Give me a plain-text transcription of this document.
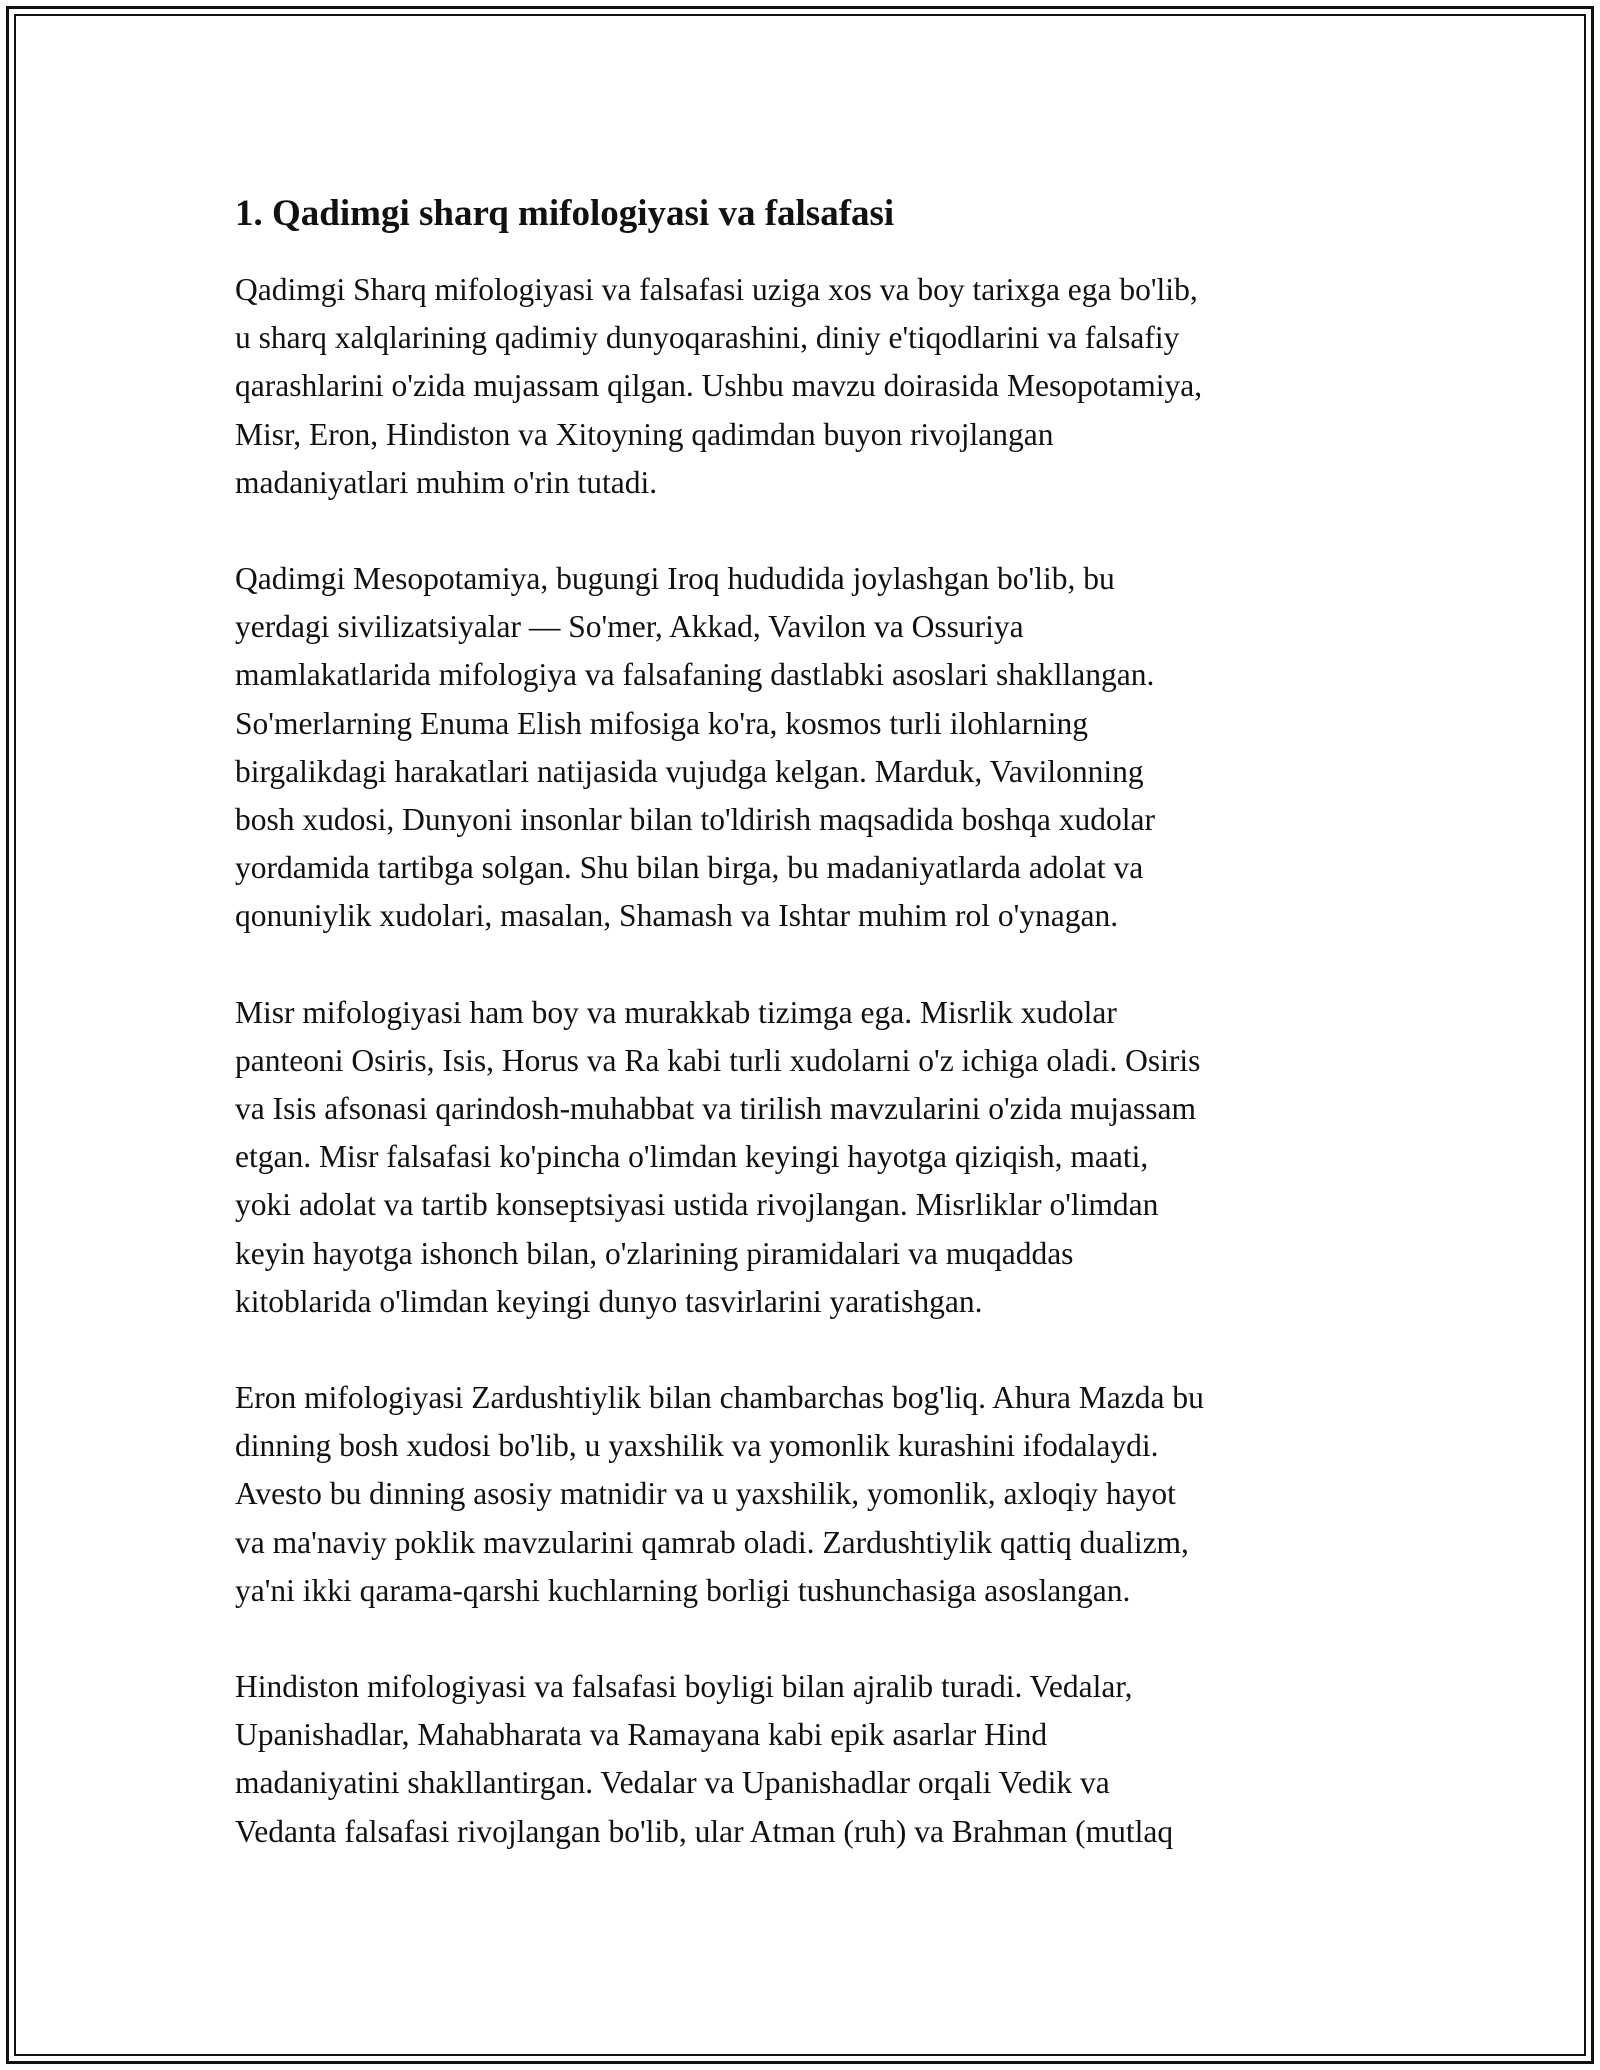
1. Qadimgi sharq mifologiyasi va falsafasi

Qadimgi Sharq mifologiyasi va falsafasi uziga xos va boy tarixga ega bo'lib,
u sharq xalqlarining qadimiy dunyoqarashini, diniy e'tiqodlarini va falsafiy
qarashlarini o'zida mujassam qilgan. Ushbu mavzu doirasida Mesopotamiya,
Misr, Eron, Hindiston va Xitoyning qadimdan buyon rivojlangan
madaniyatlari muhim o'rin tutadi.

Qadimgi Mesopotamiya, bugungi Iroq hududida joylashgan bo'lib, bu
yerdagi sivilizatsiyalar — So'mer, Akkad, Vavilon va Ossuriya
mamlakatlarida mifologiya va falsafaning dastlabki asoslari shakllangan.
So'merlarning Enuma Elish mifosiga ko'ra, kosmos turli ilohlarning
birgalikdagi harakatlari natijasida vujudga kelgan. Marduk, Vavilonning
bosh xudosi, Dunyoni insonlar bilan to'ldirish maqsadida boshqa xudolar
yordamida tartibga solgan. Shu bilan birga, bu madaniyatlarda adolat va
qonuniylik xudolari, masalan, Shamash va Ishtar muhim rol o'ynagan.

Misr mifologiyasi ham boy va murakkab tizimga ega. Misrlik xudolar
panteoni Osiris, Isis, Horus va Ra kabi turli xudolarni o'z ichiga oladi. Osiris
va Isis afsonasi qarindosh-muhabbat va tirilish mavzularini o'zida mujassam
etgan. Misr falsafasi ko'pincha o'limdan keyingi hayotga qiziqish, maati,
yoki adolat va tartib konseptsiyasi ustida rivojlangan. Misrliklar o'limdan
keyin hayotga ishonch bilan, o'zlarining piramidalari va muqaddas
kitoblarida o'limdan keyingi dunyo tasvirlarini yaratishgan.

Eron mifologiyasi Zardushtiylik bilan chambarchas bog'liq. Ahura Mazda bu
dinning bosh xudosi bo'lib, u yaxshilik va yomonlik kurashini ifodalaydi.
Avesto bu dinning asosiy matnidir va u yaxshilik, yomonlik, axloqiy hayot
va ma'naviy poklik mavzularini qamrab oladi. Zardushtiylik qattiq dualizm,
ya'ni ikki qarama-qarshi kuchlarning borligi tushunchasiga asoslangan.

Hindiston mifologiyasi va falsafasi boyligi bilan ajralib turadi. Vedalar,
Upanishadlar, Mahabharata va Ramayana kabi epik asarlar Hind
madaniyatini shakllantirgan. Vedalar va Upanishadlar orqali Vedik va
Vedanta falsafasi rivojlangan bo'lib, ular Atman (ruh) va Brahman (mutlaq
